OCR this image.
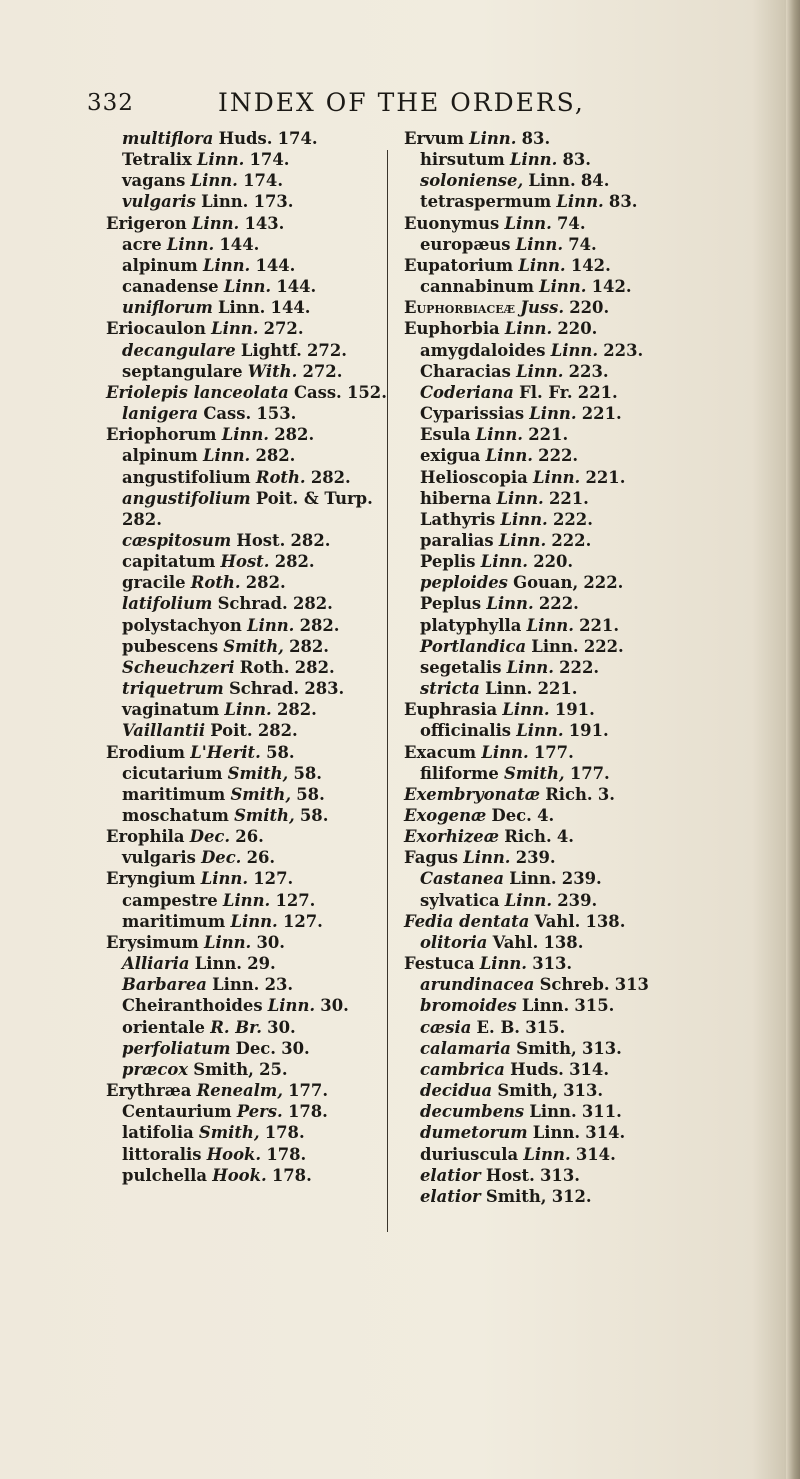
332	INDEX OF THE ORDERS,
multiflora Huds. 174.
Tetralix Linn. 174.
vagans Linn. 174.
vulgaris Linn. 173.
Erigeron Linn. 143.
acre Linn. 144.
alpinum Linn. 144.
canadense Linn. 144.
uniflorum Linn. 144.
Eriocaulon Linn. 272.
decangulare Lightf. 272.
septangulare With. 272.
Eriolepis lanceolata Cass. 152.
lanigera Cass. 153.
Eriophorum Linn. 282.
alpinum Linn. 282.
angustifolium Roth. 282.
angustifolium Poit. & Turp.
282.
cæspitosum Host. 282.
capitatum Host. 282.
gracile Roth. 282.
latifolium Schrad. 282.
polystachyon Linn. 282.
pubescens Smith, 282.
Scheuchzeri Roth. 282.
triquetrum Schrad. 283.
vaginatum Linn. 282.
Vaillantii Poit. 282.
Erodium L'Herit. 58.
cicutarium Smith, 58.
maritimum Smith, 58.
moschatum Smith, 58.
Erophila Dec. 26.
vulgaris Dec. 26.
Eryngium Linn. 127.
campestre Linn. 127.
maritimum Linn. 127.
Erysimum Linn. 30.
Alliaria Linn. 29.
Barbarea Linn. 23.
Cheiranthoides Linn. 30.
orientale R. Br. 30.
perfoliatum Dec. 30.
præcox Smith, 25.
Erythræa Renealm, 177.
Centaurium Pers. 178.
latifolia Smith, 178.
littoralis Hook. 178.
pulchella Hook. 178.
Ervum Linn. 83.
hirsutum Linn. 83.
soloniense, Linn. 84.
tetraspermum Linn. 83.
Euonymus Linn. 74.
europæus Linn. 74.
Eupatorium Linn. 142.
cannabinum Linn. 142.
Euphorbiaceæ Juss. 220.
Euphorbia Linn. 220.
amygdaloides Linn. 223.
Characias Linn. 223.
Coderiana Fl. Fr. 221.
Cyparissias Linn. 221.
Esula Linn. 221.
exigua Linn. 222.
Helioscopia Linn. 221.
hiberna Linn. 221.
Lathyris Linn. 222.
paralias Linn. 222.
Peplis Linn. 220.
peploides Gouan, 222.
Peplus Linn. 222.
platyphylla Linn. 221.
Portlandica Linn. 222.
segetalis Linn. 222.
stricta Linn. 221.
Euphrasia Linn. 191.
officinalis Linn. 191.
Exacum Linn. 177.
filiforme Smith, 177.
Exembryonatæ Rich. 3.
Exogenæ Dec. 4.
Exorhizeæ Rich. 4.
Fagus Linn. 239.
Castanea Linn. 239.
sylvatica Linn. 239.
Fedia dentata Vahl. 138.
olitoria Vahl. 138.
Festuca Linn. 313.
arundinacea Schreb. 313
bromoides Linn. 315.
cæsia E. B. 315.
calamaria Smith, 313.
cambrica Huds. 314.
decidua Smith, 313.
decumbens Linn. 311.
dumetorum Linn. 314.
duriuscula Linn. 314.
elatior Host. 313.
elatior Smith, 312.
